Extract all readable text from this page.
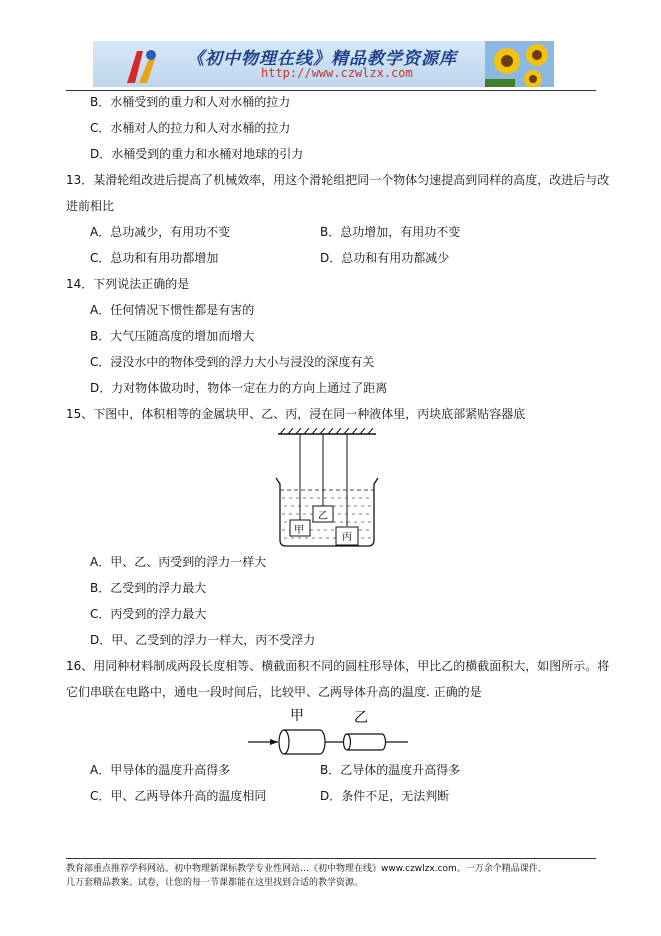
《初中物理在线》精品教学资源库
http://www.czwlzx.com
B．水桶受到的重力和人对水桶的拉力
C．水桶对人的拉力和人对水桶的拉力
D．水桶受到的重力和水桶对地球的引力
13．某滑轮组改进后提高了机械效率，用这个滑轮组把同一个物体匀速提高到同样的高度，改进后与改
进前相比
A．总功减少，有用功不变	B．总功增加，有用功不变
C．总功和有用功都增加	D．总功和有用功都减少
14．下列说法正确的是
A．任何情况下惯性都是有害的
B．大气压随高度的增加而增大
C．浸没水中的物体受到的浮力大小与浸没的深度有关
D．力对物体做功时，物体一定在力的方向上通过了距离
15、下图中，体积相等的金属块甲、乙、丙，浸在同一种液体里，丙块底部紧贴容器底
甲
乙
丙
A．甲、乙、丙受到的浮力一样大
B．乙受到的浮力最大
C．丙受到的浮力最大
D．甲、乙受到的浮力一样大，丙不受浮力
16、用同种材料制成两段长度相等、横截面积不同的圆柱形导体，甲比乙的横截面积大，如图所示。将
它们串联在电路中，通电一段时间后，比较甲、乙两导体升高的温度. 正确的是
甲	乙
A．甲导体的温度升高得多	B．乙导体的温度升高得多
C．甲、乙两导体升高的温度相同	D．条件不足，无法判断
教育部重点推荐学科网站、初中物理新课标教学专业性网站…《初中物理在线》www.czwlzx.com。一万余个精品课件、
几万套精品教案、试卷，让您的每一节课都能在这里找到合适的教学资源。
